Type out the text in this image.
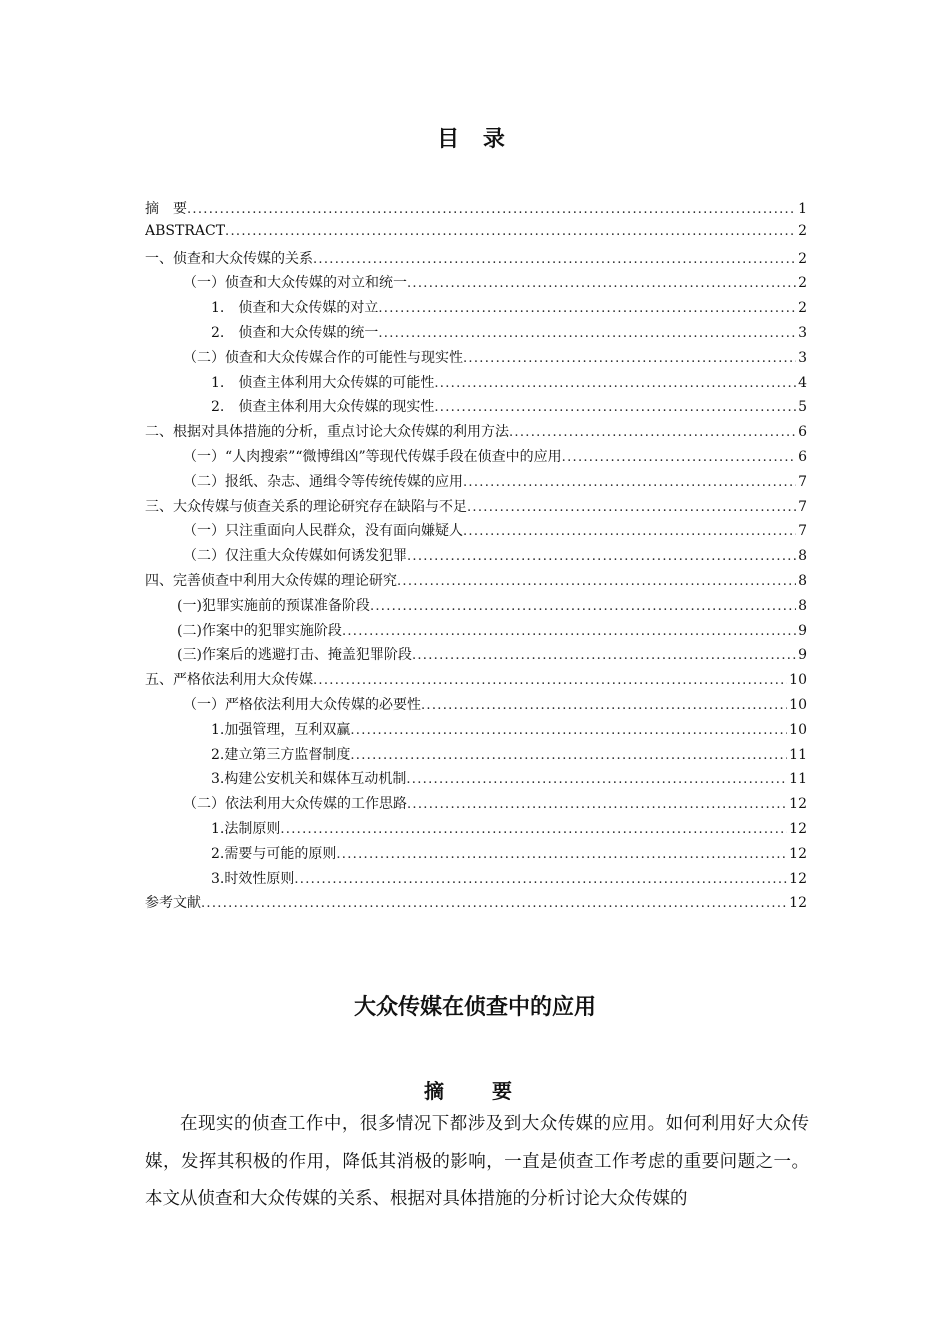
目 录
摘　要 .....	1
ABSTRACT .....	2
一、侦查和大众传媒的关系 .....	2
（一）侦查和大众传媒的对立和统一 .....	2
1.　侦查和大众传媒的对立 .....	2
2.　侦查和大众传媒的统一 .....	3
（二）侦查和大众传媒合作的可能性与现实性 .....	3
1.　侦查主体利用大众传媒的可能性 .....	4
2.　侦查主体利用大众传媒的现实性 .....	5
二、根据对具体措施的分析，重点讨论大众传媒的利用方法 .....	6
（一）“人肉搜索”“微博缉凶”等现代传媒手段在侦查中的应用 .....	6
（二）报纸、杂志、通缉令等传统传媒的应用 .....	7
三、大众传媒与侦查关系的理论研究存在缺陷与不足 .....	7
（一）只注重面向人民群众，没有面向嫌疑人 .....	7
（二）仅注重大众传媒如何诱发犯罪 .....	8
四、完善侦查中利用大众传媒的理论研究 .....	8
(一)犯罪实施前的预谋准备阶段 .....	8
(二)作案中的犯罪实施阶段 .....	9
(三)作案后的逃避打击、掩盖犯罪阶段 .....	9
五、严格依法利用大众传媒 .....	10
（一）严格依法利用大众传媒的必要性 .....	10
1.加强管理，互利双赢 .....	10
2.建立第三方监督制度 .....	11
3.构建公安机关和媒体互动机制 .....	11
（二）依法利用大众传媒的工作思路 .....	12
1.法制原则 .....	12
2.需要与可能的原则 .....	12
3.时效性原则 .....	12
参考文献 .....	12
大众传媒在侦查中的应用
摘　要
在现实的侦查工作中，很多情况下都涉及到大众传媒的应用。如何利用好大众传媒，发挥其积极的作用，降低其消极的影响，一直是侦查工作考虑的重要问题之一。本文从侦查和大众传媒的关系、根据对具体措施的分析讨论大众传媒的
